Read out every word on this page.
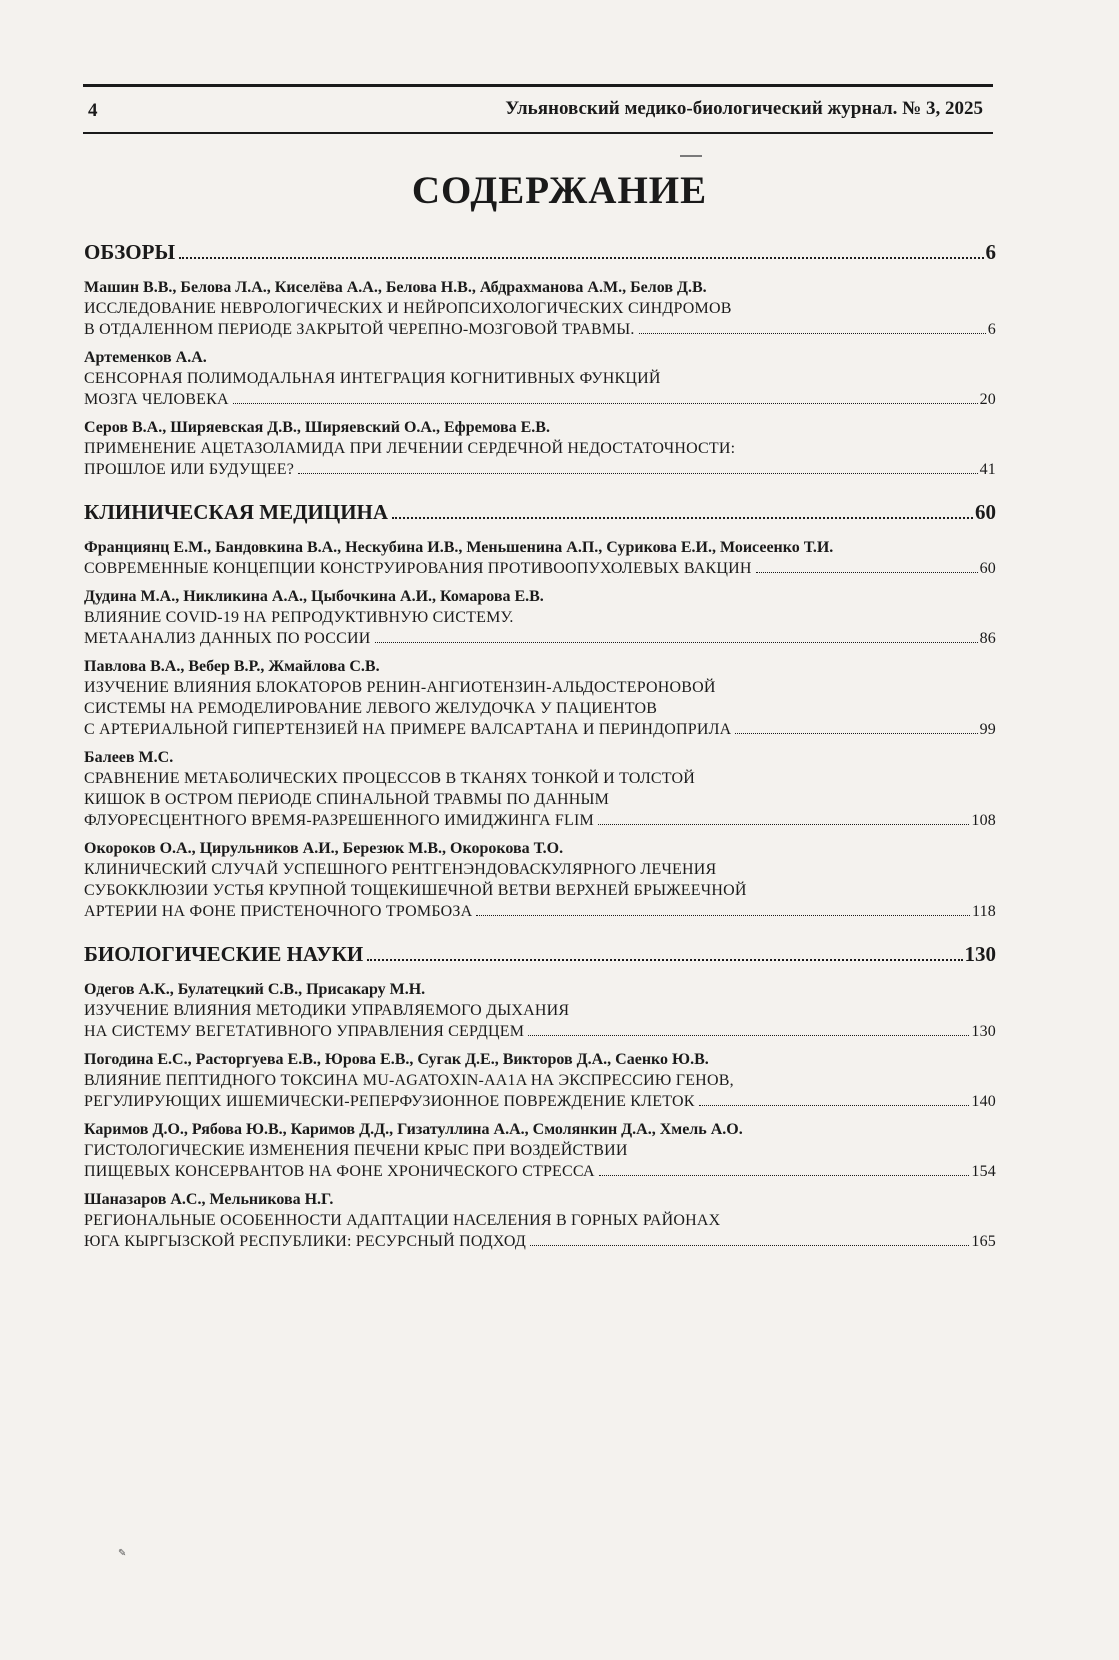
4	Ульяновский медико-биологический журнал. № 3, 2025
СОДЕРЖАНИЕ
ОБЗОРЫ	6
Машин В.В., Белова Л.А., Киселёва А.А., Белова Н.В., Абдрахманова А.М., Белов Д.В.
ИССЛЕДОВАНИЕ НЕВРОЛОГИЧЕСКИХ И НЕЙРОПСИХОЛОГИЧЕСКИХ СИНДРОМОВ
В ОТДАЛЕННОМ ПЕРИОДЕ ЗАКРЫТОЙ ЧЕРЕПНО-МОЗГОВОЙ ТРАВМЫ.	6
Артеменков А.А.
СЕНСОРНАЯ ПОЛИМОДАЛЬНАЯ ИНТЕГРАЦИЯ КОГНИТИВНЫХ ФУНКЦИЙ
МОЗГА ЧЕЛОВЕКА	20
Серов В.А., Ширяевская Д.В., Ширяевский О.А., Ефремова Е.В.
ПРИМЕНЕНИЕ АЦЕТАЗОЛАМИДА ПРИ ЛЕЧЕНИИ СЕРДЕЧНОЙ НЕДОСТАТОЧНОСТИ:
ПРОШЛОЕ ИЛИ БУДУЩЕЕ?	41
КЛИНИЧЕСКАЯ МЕДИЦИНА	60
Франциянц Е.М., Бандовкина В.А., Нескубина И.В., Меньшенина А.П., Сурикова Е.И., Моисеенко Т.И.
СОВРЕМЕННЫЕ КОНЦЕПЦИИ КОНСТРУИРОВАНИЯ ПРОТИВООПУХОЛЕВЫХ ВАКЦИН	60
Дудина М.А., Никликина А.А., Цыбочкина А.И., Комарова Е.В.
ВЛИЯНИЕ COVID-19 НА РЕПРОДУКТИВНУЮ СИСТЕМУ.
МЕТААНАЛИЗ ДАННЫХ ПО РОССИИ	86
Павлова В.А., Вебер В.Р., Жмайлова С.В.
ИЗУЧЕНИЕ ВЛИЯНИЯ БЛОКАТОРОВ РЕНИН-АНГИОТЕНЗИН-АЛЬДОСТЕРОНОВОЙ
СИСТЕМЫ НА РЕМОДЕЛИРОВАНИЕ ЛЕВОГО ЖЕЛУДОЧКА У ПАЦИЕНТОВ
С АРТЕРИАЛЬНОЙ ГИПЕРТЕНЗИЕЙ НА ПРИМЕРЕ ВАЛСАРТАНА И ПЕРИНДОПРИЛА	99
Балеев М.С.
СРАВНЕНИЕ МЕТАБОЛИЧЕСКИХ ПРОЦЕССОВ В ТКАНЯХ ТОНКОЙ И ТОЛСТОЙ
КИШОК В ОСТРОМ ПЕРИОДЕ СПИНАЛЬНОЙ ТРАВМЫ ПО ДАННЫМ
ФЛУОРЕСЦЕНТНОГО ВРЕМЯ-РАЗРЕШЕННОГО ИМИДЖИНГА FLIM	108
Окороков О.А., Цирульников А.И., Березюк М.В., Окорокова Т.О.
КЛИНИЧЕСКИЙ СЛУЧАЙ УСПЕШНОГО РЕНТГЕНЭНДОВАСКУЛЯРНОГО ЛЕЧЕНИЯ
СУБОККЛЮЗИИ УСТЬЯ КРУПНОЙ ТОЩЕКИШЕЧНОЙ ВЕТВИ ВЕРХНЕЙ БРЫЖЕЕЧНОЙ
АРТЕРИИ НА ФОНЕ ПРИСТЕНОЧНОГО ТРОМБОЗА	118
БИОЛОГИЧЕСКИЕ НАУКИ	130
Одегов А.К., Булатецкий С.В., Присакару М.Н.
ИЗУЧЕНИЕ ВЛИЯНИЯ МЕТОДИКИ УПРАВЛЯЕМОГО ДЫХАНИЯ
НА СИСТЕМУ ВЕГЕТАТИВНОГО УПРАВЛЕНИЯ СЕРДЦЕМ	130
Погодина Е.С., Расторгуева Е.В., Юрова Е.В., Сугак Д.Е., Викторов Д.А., Саенко Ю.В.
ВЛИЯНИЕ ПЕПТИДНОГО ТОКСИНА MU-AGATOXIN-AA1A НА ЭКСПРЕССИЮ ГЕНОВ,
РЕГУЛИРУЮЩИХ ИШЕМИЧЕСКИ-РЕПЕРФУЗИОННОЕ ПОВРЕЖДЕНИЕ КЛЕТОК	140
Каримов Д.О., Рябова Ю.В., Каримов Д.Д., Гизатуллина А.А., Смолянкин Д.А., Хмель А.О.
ГИСТОЛОГИЧЕСКИЕ ИЗМЕНЕНИЯ ПЕЧЕНИ КРЫС ПРИ ВОЗДЕЙСТВИИ
ПИЩЕВЫХ КОНСЕРВАНТОВ НА ФОНЕ ХРОНИЧЕСКОГО СТРЕССА	154
Шаназаров А.С., Мельникова Н.Г.
РЕГИОНАЛЬНЫЕ ОСОБЕННОСТИ АДАПТАЦИИ НАСЕЛЕНИЯ В ГОРНЫХ РАЙОНАХ
ЮГА КЫРГЫЗСКОЙ РЕСПУБЛИКИ: РЕСУРСНЫЙ ПОДХОД	165
✎
